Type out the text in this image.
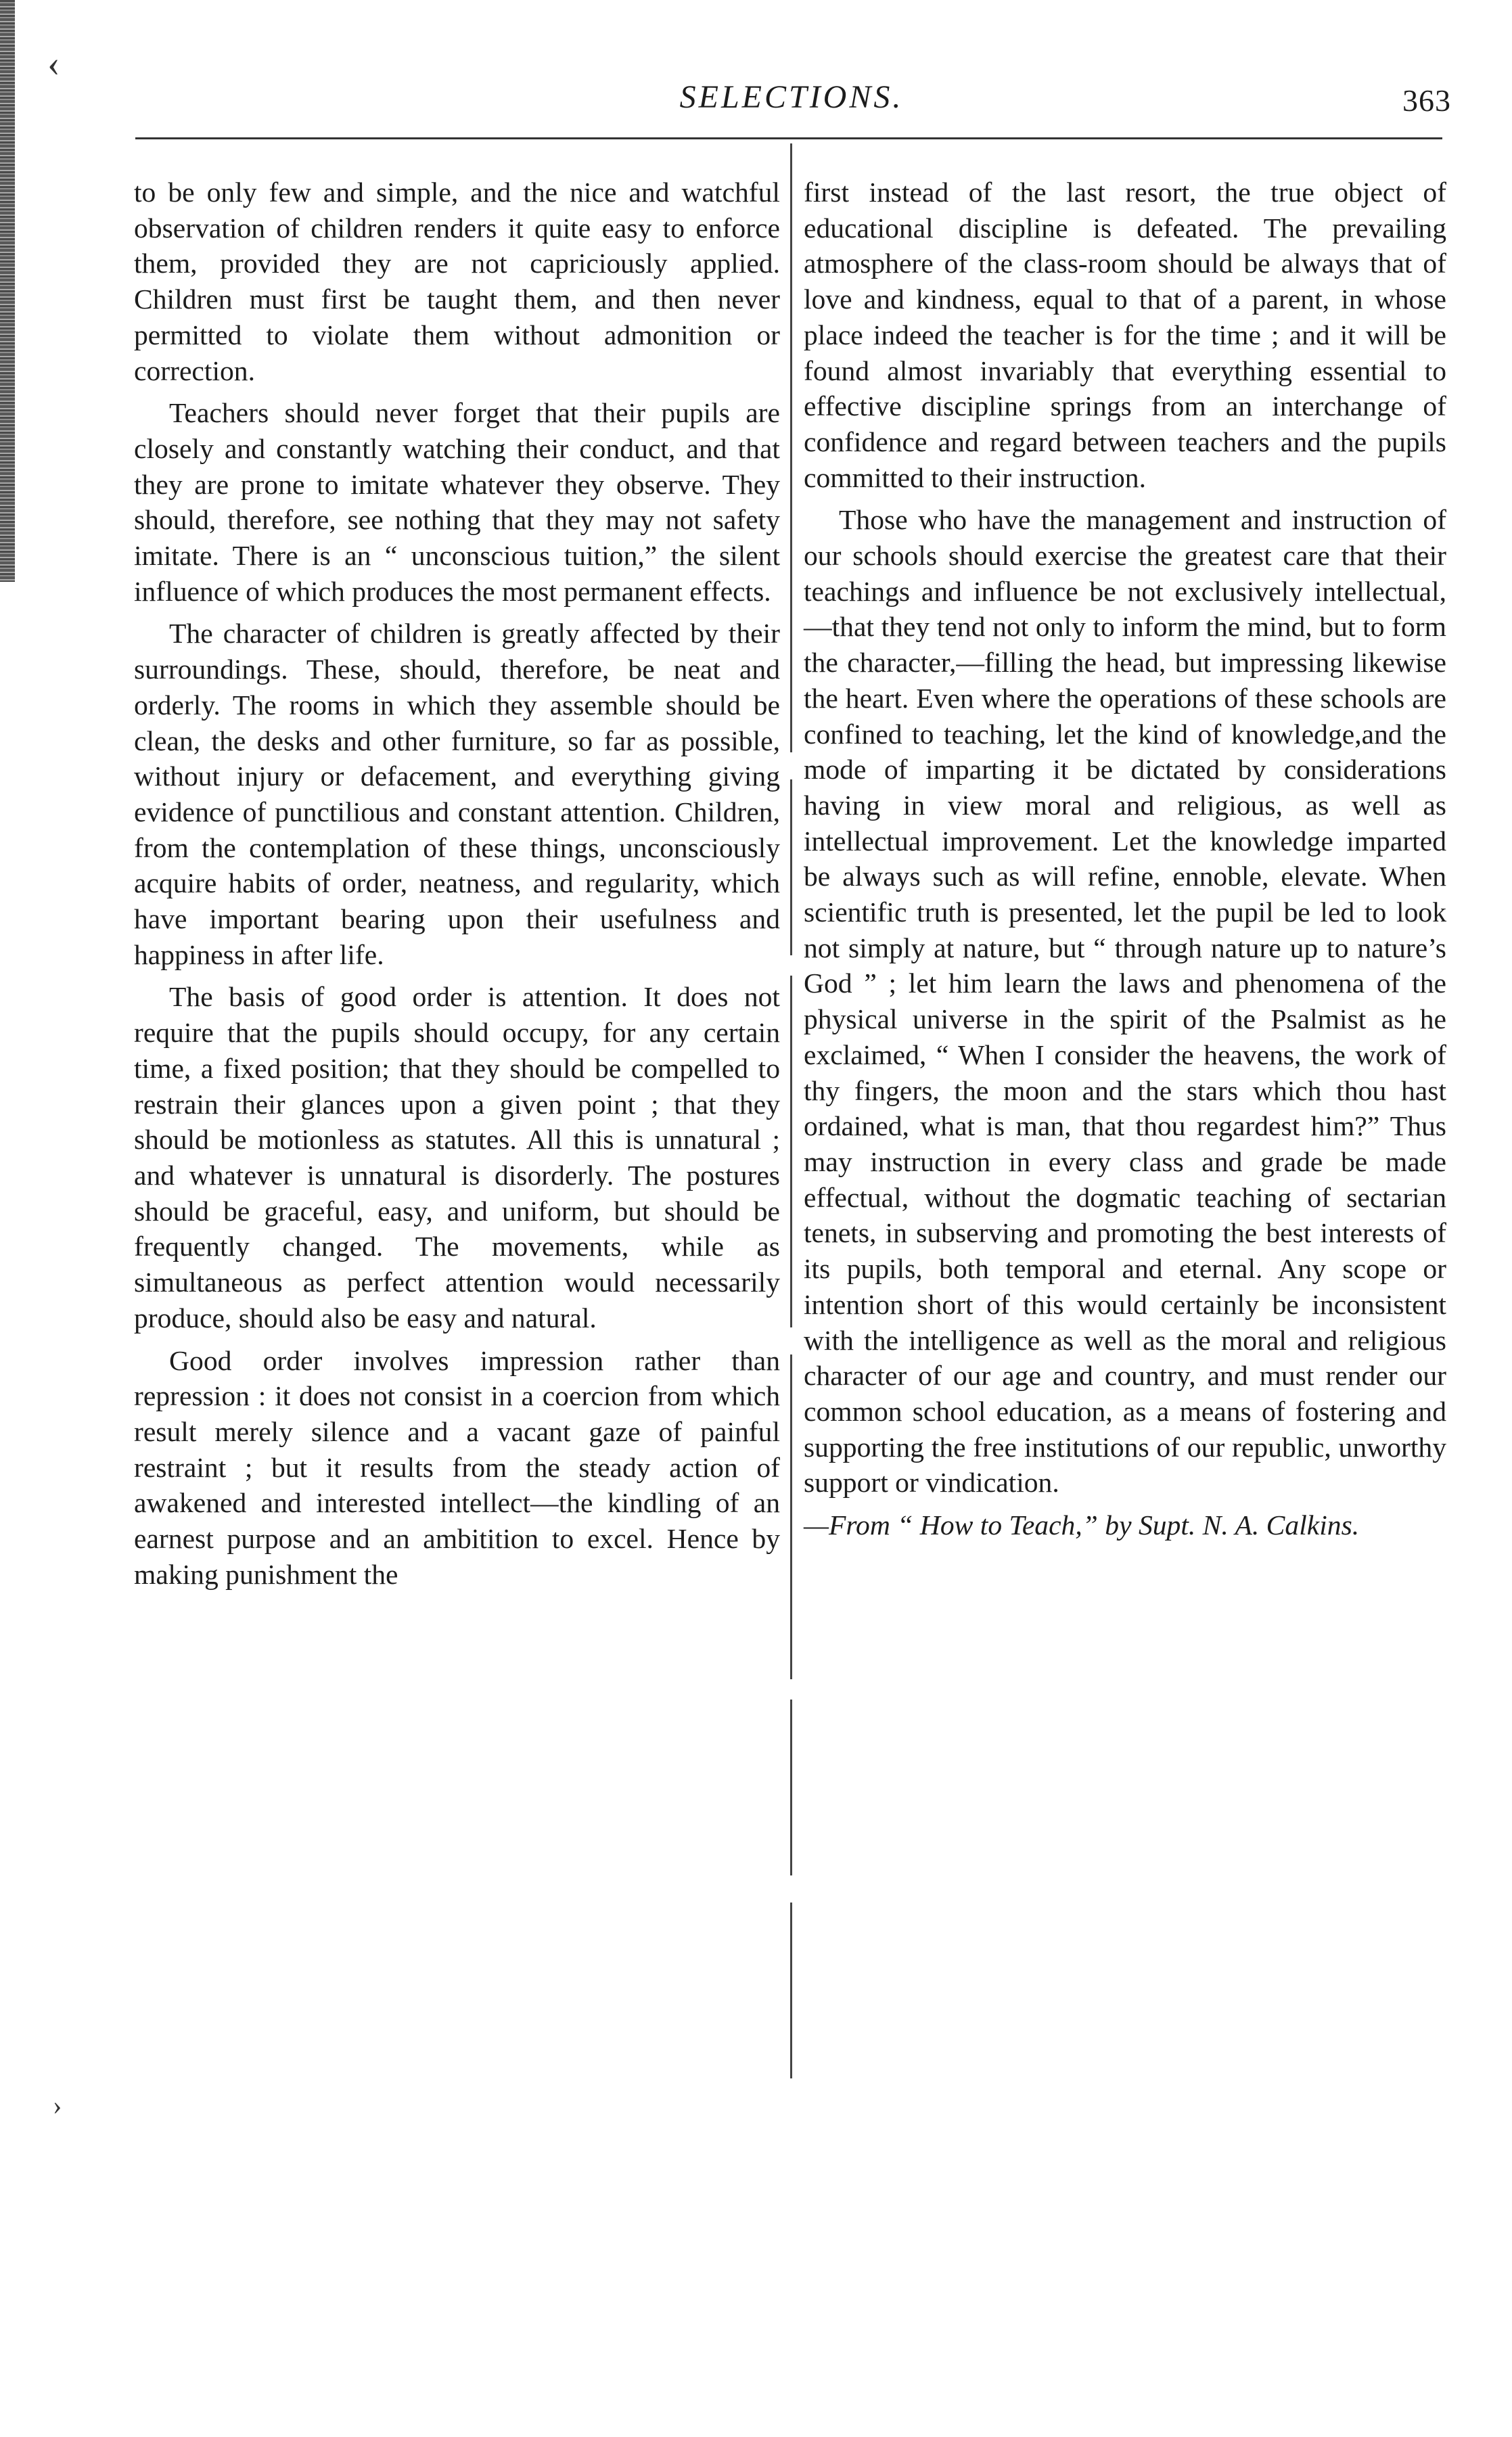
‹
›
SELECTIONS.	363

to be only few and simple, and the nice and watchful observation of children renders it quite easy to enforce them, provided they are not capriciously applied. Children must first be taught them, and then never permitted to violate them without admonition or correction.

Teachers should never forget that their pupils are closely and constantly watching their conduct, and that they are prone to imitate whatever they observe. They should, therefore, see nothing that they may not safety imitate. There is an “ unconscious tuition,” the silent influence of which produces the most permanent effects.

The character of children is greatly affected by their surroundings. These, should, therefore, be neat and orderly. The rooms in which they assemble should be clean, the desks and other furniture, so far as possible, without injury or defacement, and everything giving evidence of punctilious and constant attention. Children, from the contemplation of these things, unconsciously acquire habits of order, neatness, and regularity, which have important bearing upon their usefulness and happiness in after life.

The basis of good order is attention. It does not require that the pupils should occupy, for any certain time, a fixed position; that they should be compelled to restrain their glances upon a given point ; that they should be motionless as statutes. All this is unnatural ; and whatever is unnatural is disorderly. The postures should be graceful, easy, and uniform, but should be frequently changed. The movements, while as simultaneous as perfect attention would necessarily produce, should also be easy and natural.

Good order involves impression rather than repression : it does not consist in a coercion from which result merely silence and a vacant gaze of painful restraint ; but it results from the steady action of awakened and interested intellect—the kindling of an earnest purpose and an ambitition to excel. Hence by making punishment the

first instead of the last resort, the true object of educational discipline is defeated. The prevailing atmosphere of the class-room should be always that of love and kindness, equal to that of a parent, in whose place indeed the teacher is for the time ; and it will be found almost invariably that everything essential to effective discipline springs from an interchange of confidence and regard between teachers and the pupils committed to their instruction.

Those who have the management and instruction of our schools should exercise the greatest care that their teachings and influence be not exclusively intellectual,—that they tend not only to inform the mind, but to form the character,—filling the head, but impressing likewise the heart. Even where the operations of these schools are confined to teaching, let the kind of knowledge,and the mode of imparting it be dictated by considerations having in view moral and religious, as well as intellectual improvement. Let the knowledge imparted be always such as will refine, ennoble, elevate. When scientific truth is presented, let the pupil be led to look not simply at nature, but “ through nature up to nature’s God ” ; let him learn the laws and phenomena of the physical universe in the spirit of the Psalmist as he exclaimed, “ When I consider the heavens, the work of thy fingers, the moon and the stars which thou hast ordained, what is man, that thou regardest him?” Thus may instruction in every class and grade be made effectual, without the dogmatic teaching of sectarian tenets, in subserving and promoting the best interests of its pupils, both temporal and eternal. Any scope or intention short of this would certainly be inconsistent with the intelligence as well as the moral and religious character of our age and country, and must render our common school education, as a means of fostering and supporting the free institutions of our republic, unworthy support or vindication.

—From “ How to Teach,” by Supt. N. A. Calkins.
